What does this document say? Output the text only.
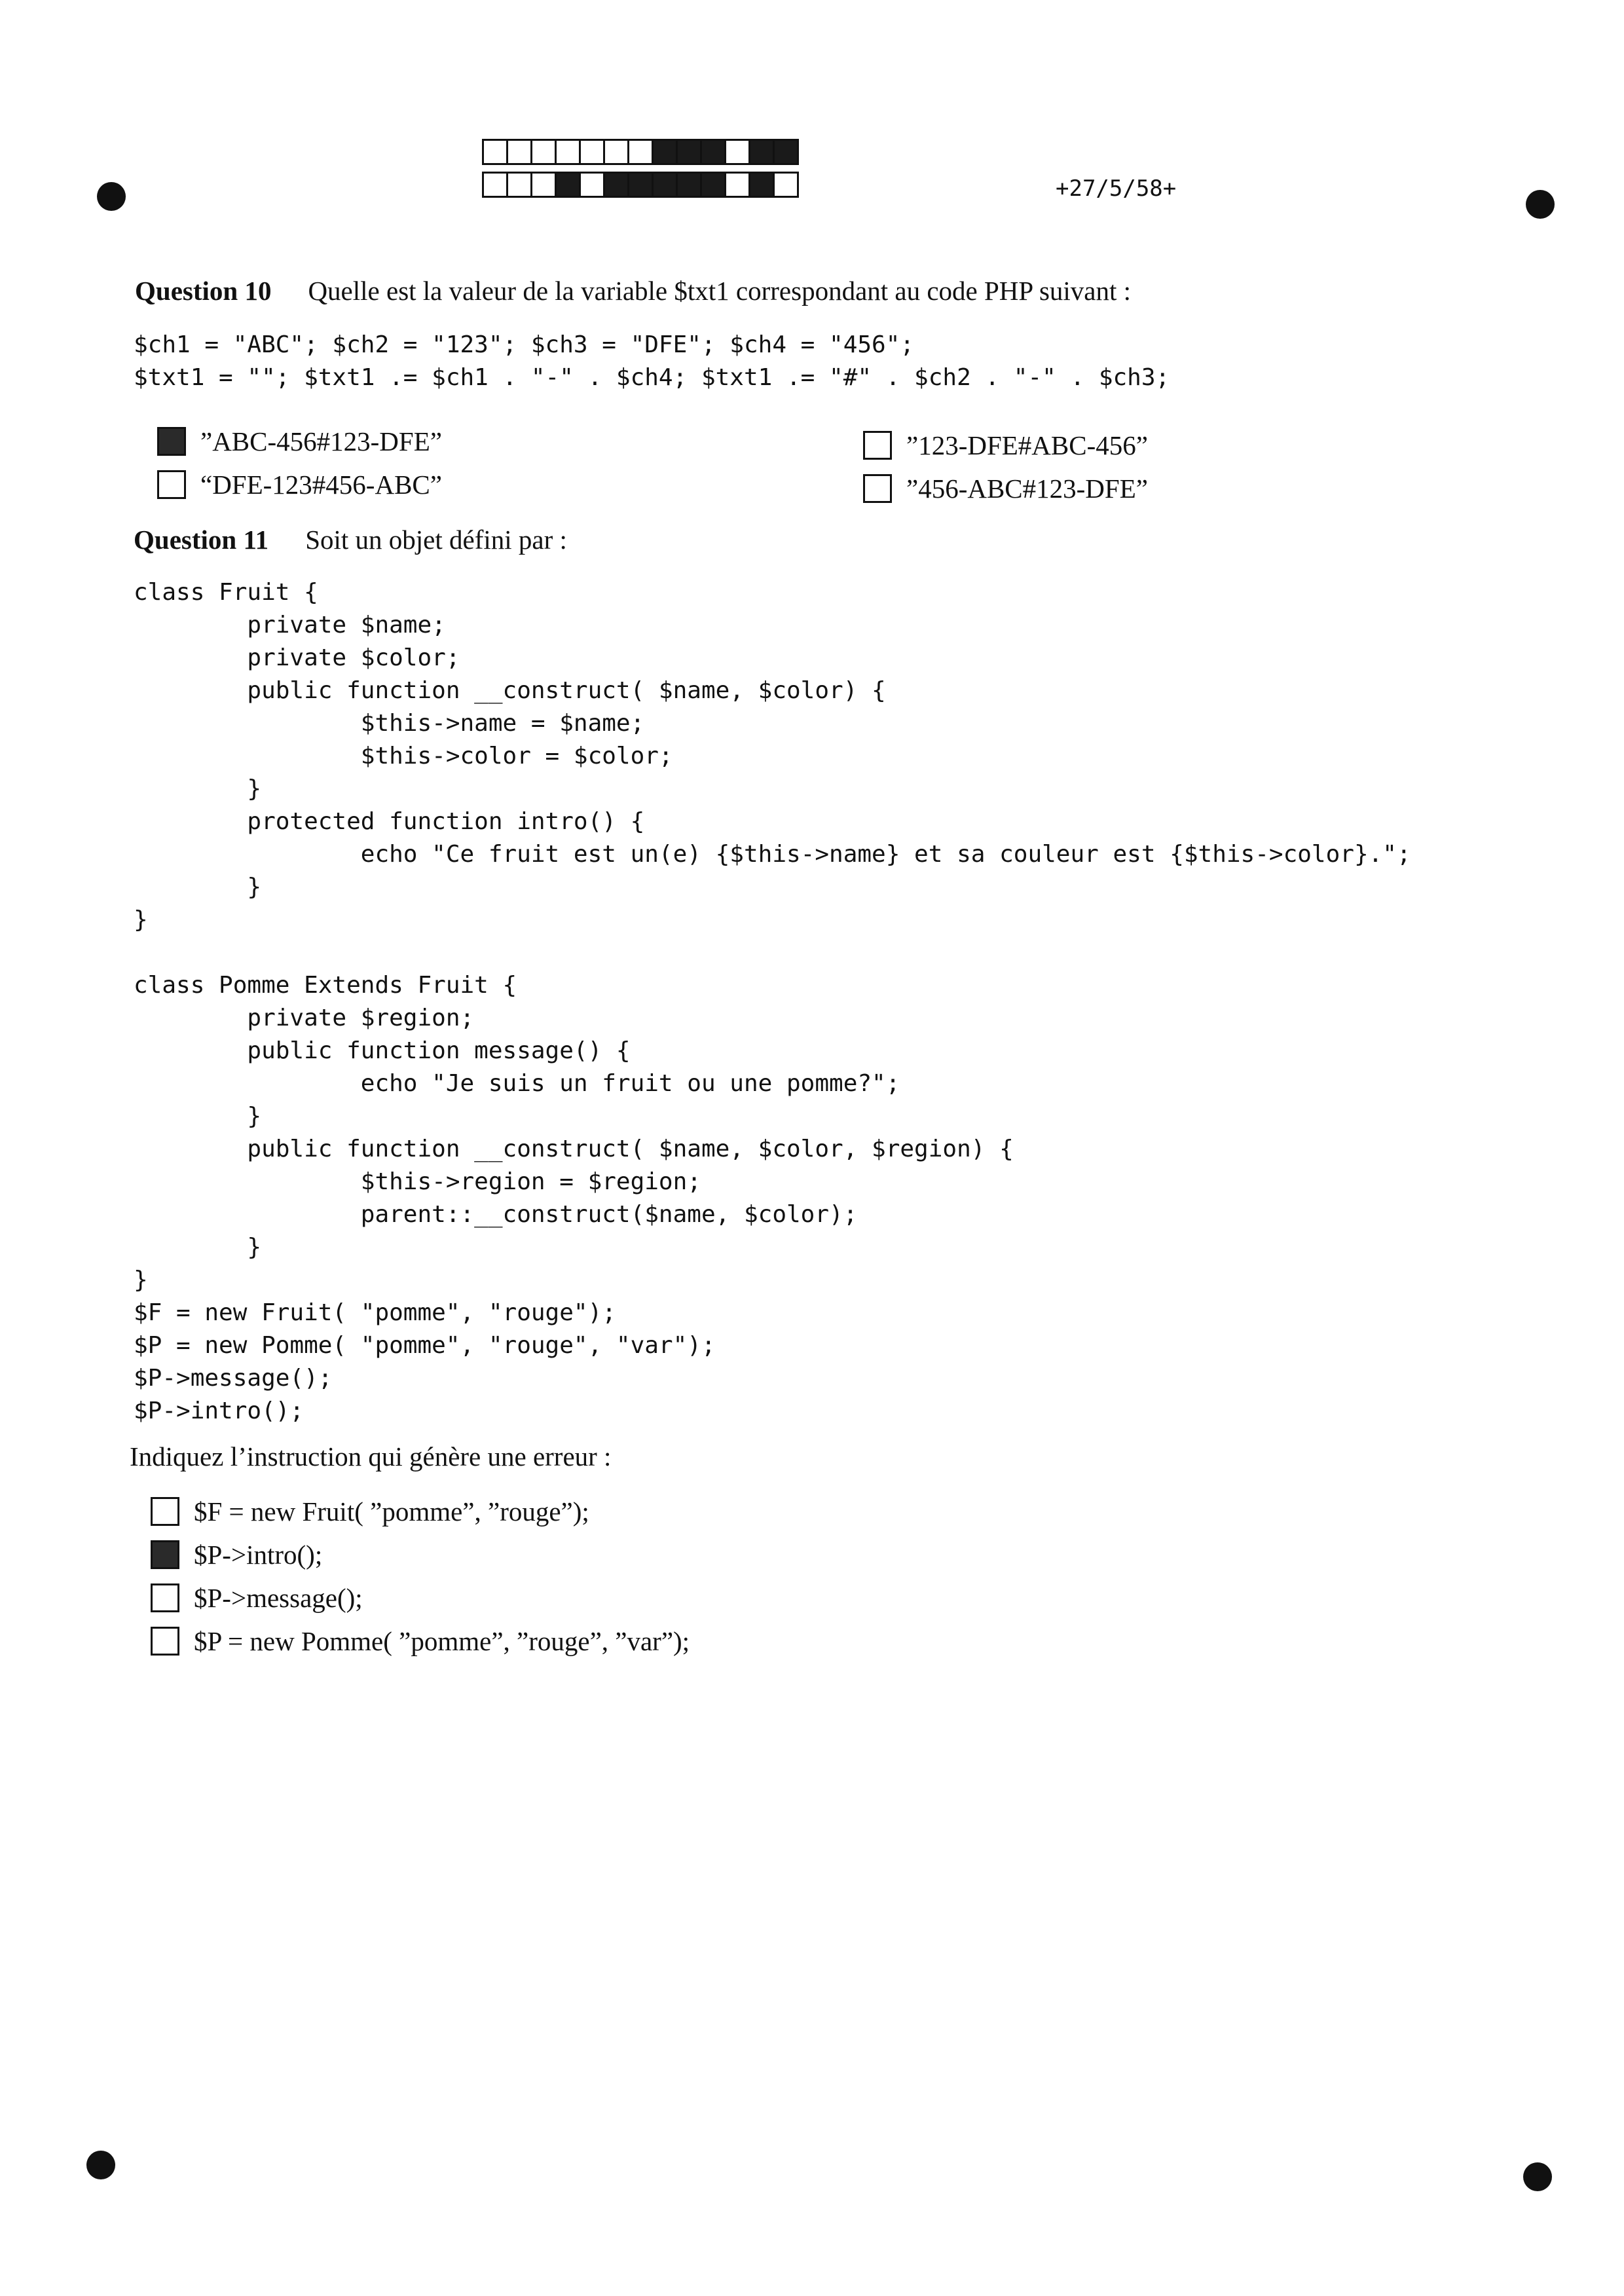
+27/5/58+
Question 10 Quelle est la valeur de la variable $txt1 correspondant au code PHP suivant :
$ch1 = "ABC"; $ch2 = "123"; $ch3 = "DFE"; $ch4 = "456";
$txt1 = ""; $txt1 .= $ch1 . "-" . $ch4; $txt1 .= "#" . $ch2 . "-" . $ch3;
”ABC-456#123-DFE”
“DFE-123#456-ABC”
”123-DFE#ABC-456”
”456-ABC#123-DFE”
Question 11 Soit un objet défini par :
class Fruit {
private $name;
private $color;
public function __construct( $name, $color) {
$this->name = $name;
$this->color = $color;
}
protected function intro() {
echo "Ce fruit est un(e) {$this->name} et sa couleur est {$this->color}.";
}
}

class Pomme Extends Fruit {
private $region;
public function message() {
echo "Je suis un fruit ou une pomme?";
}
public function __construct( $name, $color, $region) {
$this->region = $region;
parent::__construct($name, $color);
}
}
$F = new Fruit( "pomme", "rouge");
$P = new Pomme( "pomme", "rouge", "var");
$P->message();
$P->intro();
Indiquez l’instruction qui génère une erreur :
$F = new Fruit( ”pomme”, ”rouge”);
$P->intro();
$P->message();
$P = new Pomme( ”pomme”, ”rouge”, ”var”);
